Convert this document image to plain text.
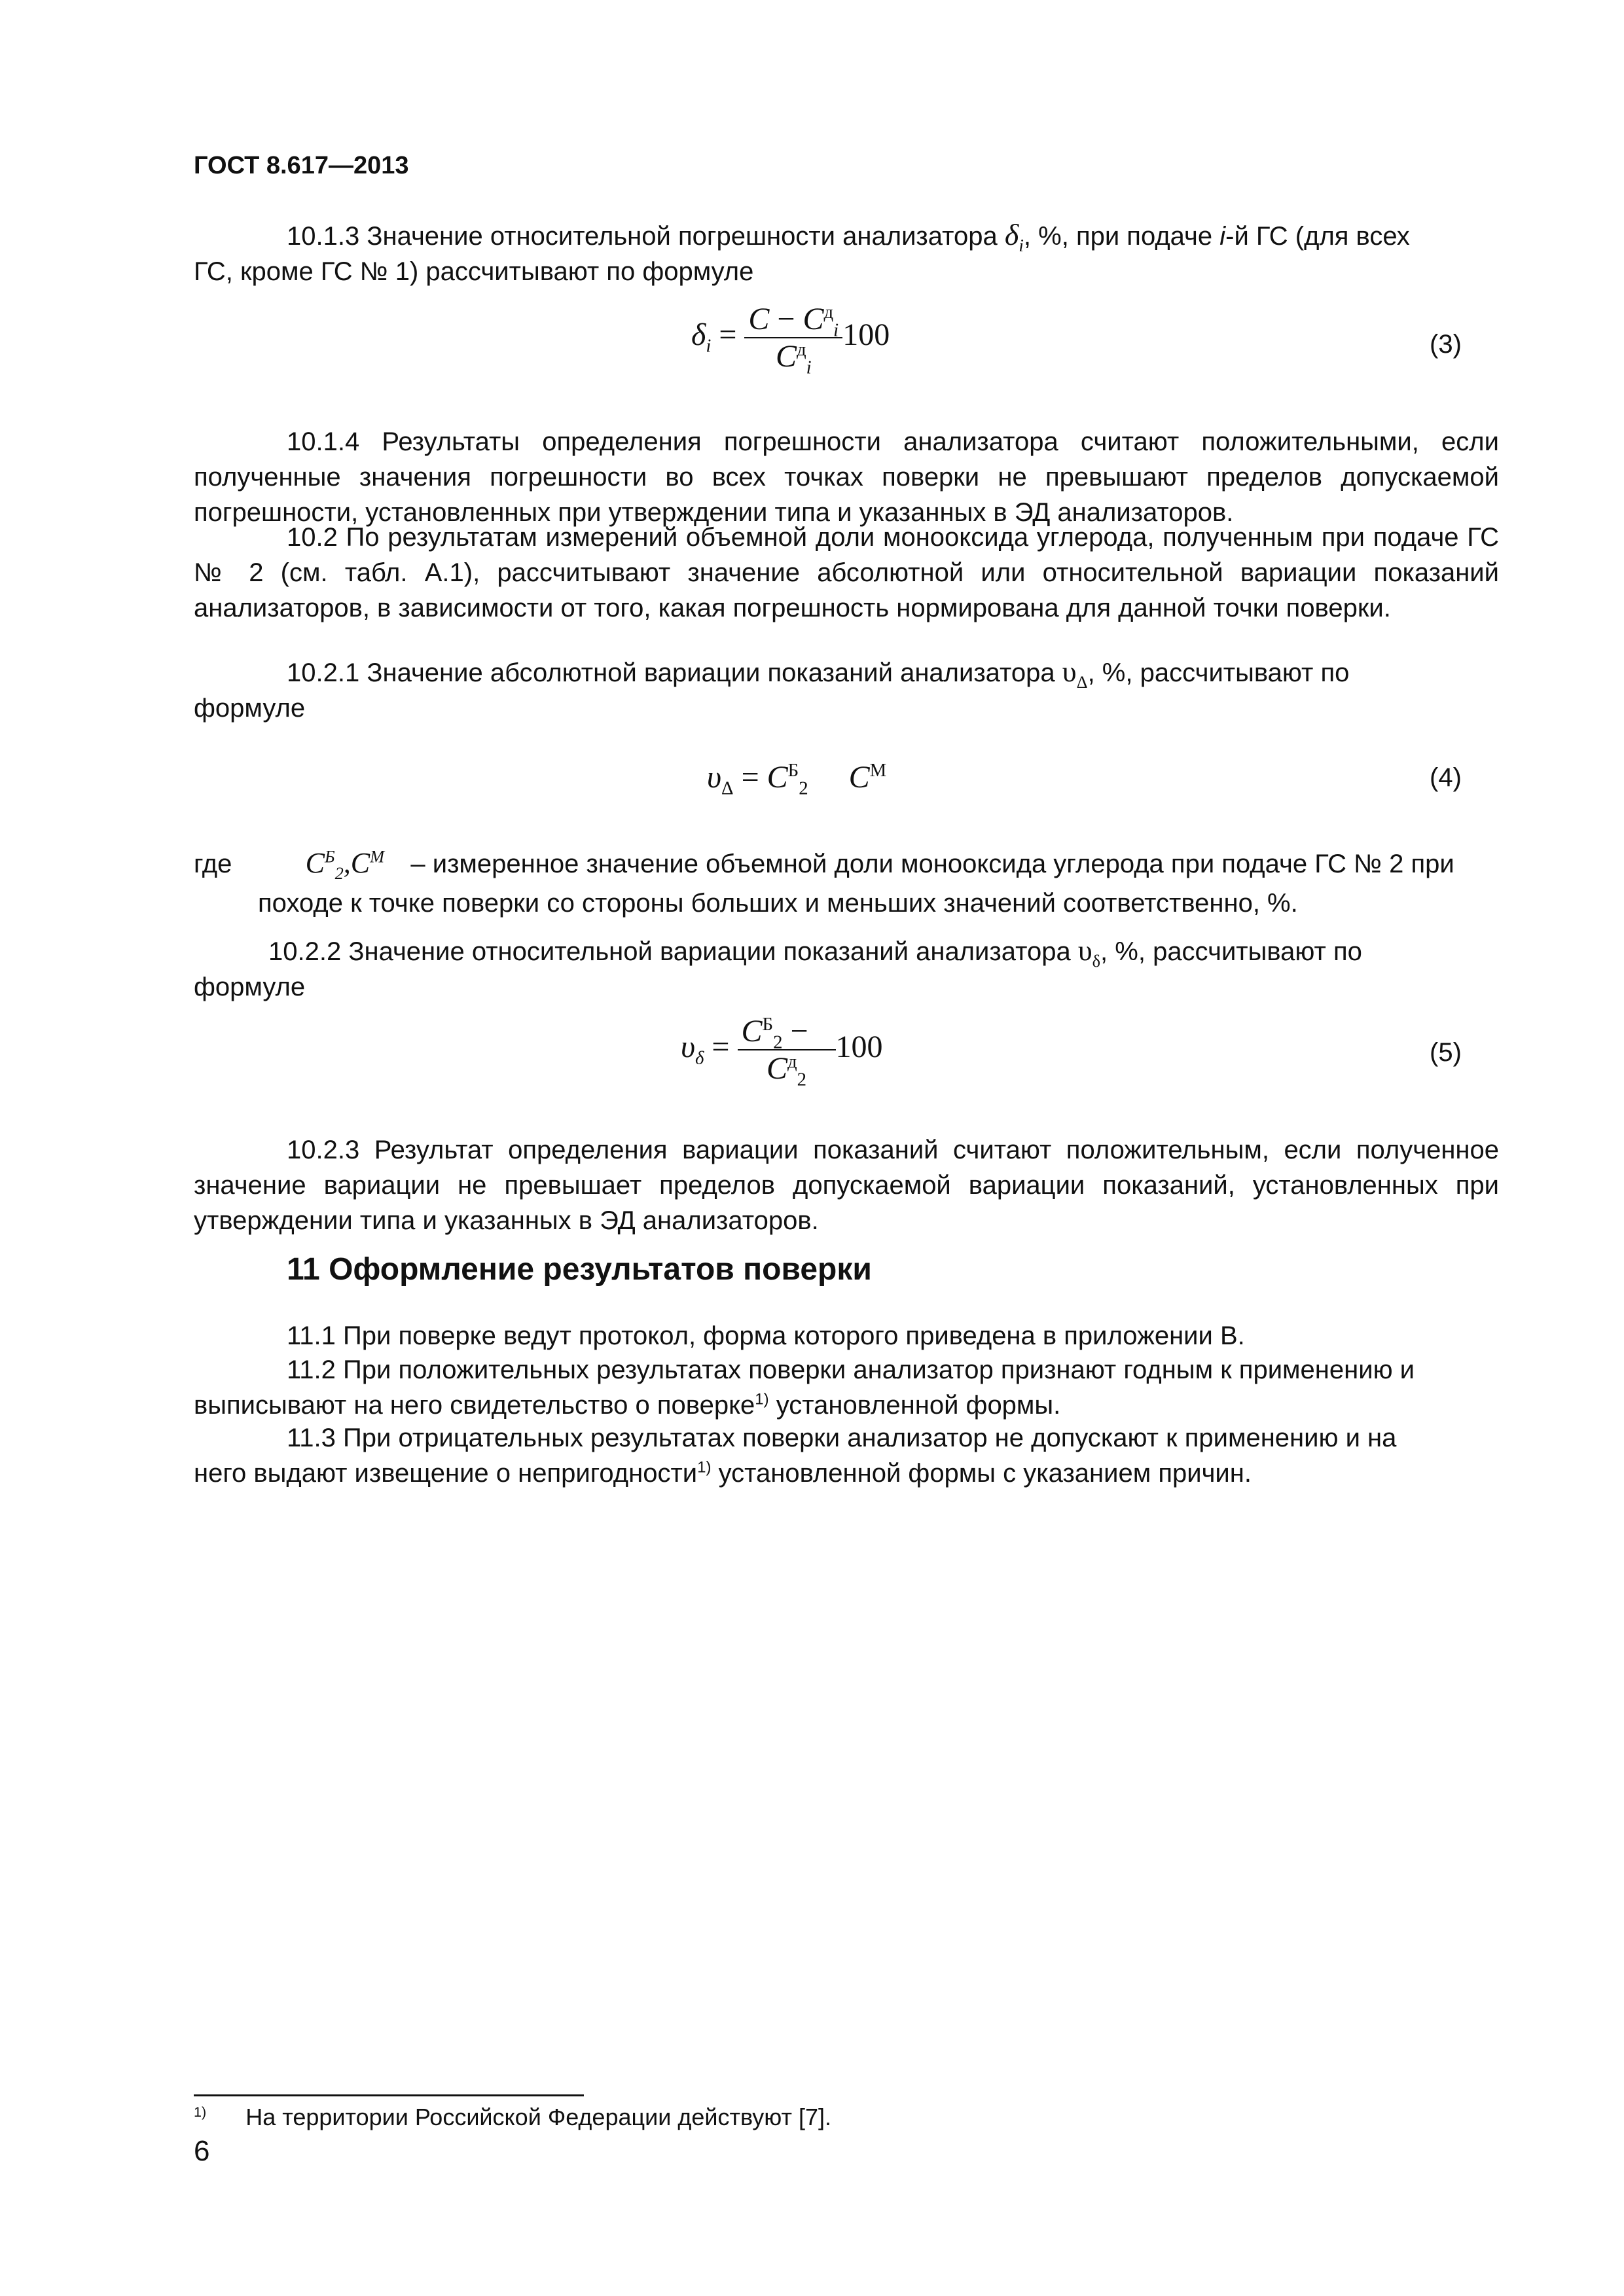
ГОСТ 8.617—2013
10.1.3 Значение относительной погрешности анализатора $\delta_i$, %, при подаче i-й ГС (для всех
ГС, кроме ГС № 1) рассчитывают по формуле
$\delta_i = \frac{C - C^д_i}{C^д_i} 100$	(3)
10.1.4 Результаты определения погрешности анализатора считают положительными, если полученные значения погрешности во всех точках поверки не превышают пределов допускаемой погрешности, установленных при утверждении типа и указанных в ЭД анализаторов.
10.2 По результатам измерений объемной доли монооксида углерода, полученным при подаче ГС № 2 (см. табл. А.1), рассчитывают значение абсолютной или относительной вариации показаний анализаторов, в зависимости от того, какая погрешность нормирована для данной точки поверки.
10.2.1 Значение абсолютной вариации показаний анализатора $\upsilon_\Delta$, %, рассчитывают по
формуле
$\upsilon_\Delta = C^Б_2$ $C^М$	(4)
где	$C^Б_2,C^М$ – измеренное значение объемной доли монооксида углерода при подаче ГС № 2 при
походе к точке поверки со стороны больших и меньших значений соответственно, %.
10.2.2 Значение относительной вариации показаний анализатора $\upsilon_\delta$, %, рассчитывают по
формуле
$\upsilon_\delta = \frac{C^Б_2 -}{C^д_2} 100$	(5)
10.2.3 Результат определения вариации показаний считают положительным, если полученное значение вариации не превышает пределов допускаемой вариации показаний, установленных при утверждении типа и указанных в ЭД анализаторов.
11 Оформление результатов поверки
11.1 При поверке ведут протокол, форма которого приведена в приложении В.
11.2 При положительных результатах поверки анализатор признают годным к применению и
выписывают на него свидетельство о поверке$^{1)}$ установленной формы.
11.3 При отрицательных результатах поверки анализатор не допускают к применению и на
него выдают извещение о непригодности$^{1)}$ установленной формы с указанием причин.
$^{1)}$ На территории Российской Федерации действуют [7].
6
